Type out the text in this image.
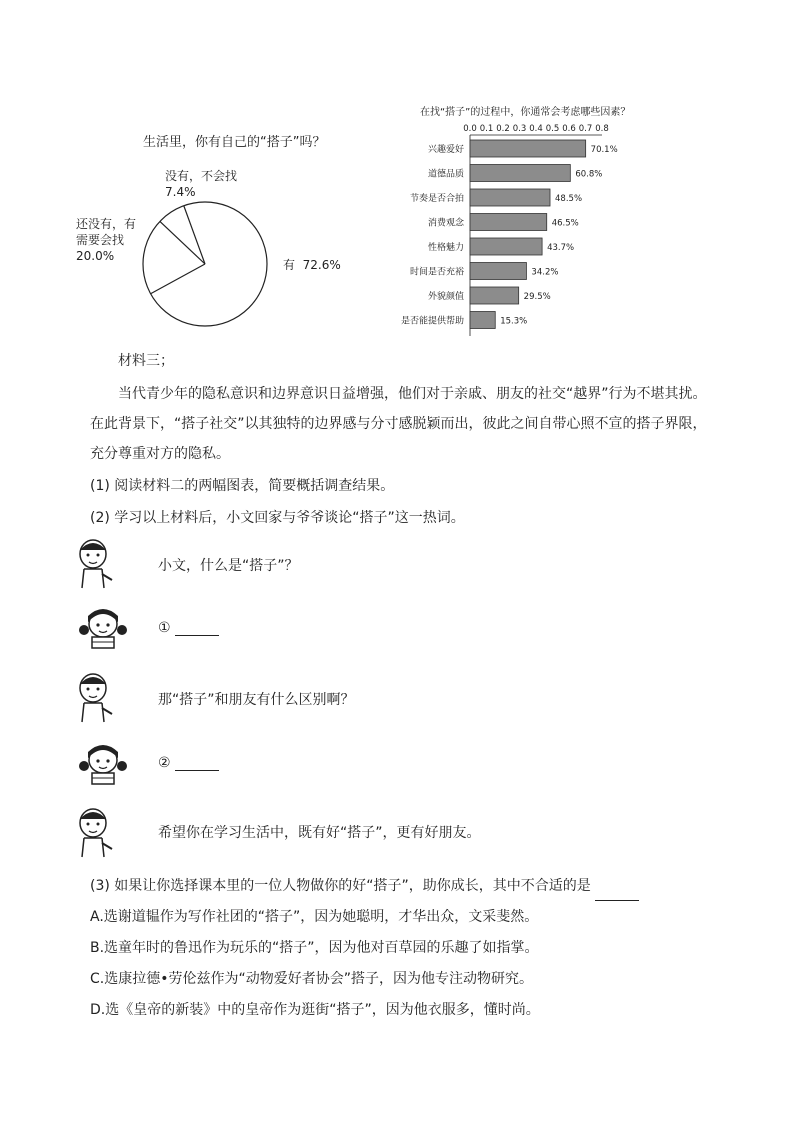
生活里，你有自己的“搭子”吗？
没有，不会找
7.4%
还没有，有
需要会找
20.0%
有 72.6%
在找“搭子”的过程中，你通常会考虑哪些因素？
0.0 0.1 0.2 0.3 0.4 0.5 0.6 0.7 0.8
兴趣爱好	70.1%
道德品质	60.8%
节奏是否合拍	48.5%
消费观念	46.5%
性格魅力	43.7%
时间是否充裕	34.2%
外貌颜值	29.5%
是否能提供帮助	15.3%
材料三；
当代青少年的隐私意识和边界意识日益增强，他们对于亲戚、朋友的社交“越界”行为不堪其扰。在此背景下，“搭子社交”以其独特的边界感与分寸感脱颖而出，彼此之间自带心照不宣的搭子界限，充分尊重对方的隐私。
(1) 阅读材料二的两幅图表，简要概括调查结果。
(2) 学习以上材料后，小文回家与爷爷谈论“搭子”这一热词。
小文，什么是“搭子”？
①
那“搭子”和朋友有什么区别啊？
②
希望你在学习生活中，既有好“搭子”，更有好朋友。
(3) 如果让你选择课本里的一位人物做你的好“搭子”，助你成长，其中不合适的是
A.选谢道韫作为写作社团的“搭子”，因为她聪明，才华出众，文采斐然。
B.选童年时的鲁迅作为玩乐的“搭子”，因为他对百草园的乐趣了如指掌。
C.选康拉德•劳伦兹作为“动物爱好者协会”搭子，因为他专注动物研究。
D.选《皇帝的新装》中的皇帝作为逛街“搭子”，因为他衣服多，懂时尚。
